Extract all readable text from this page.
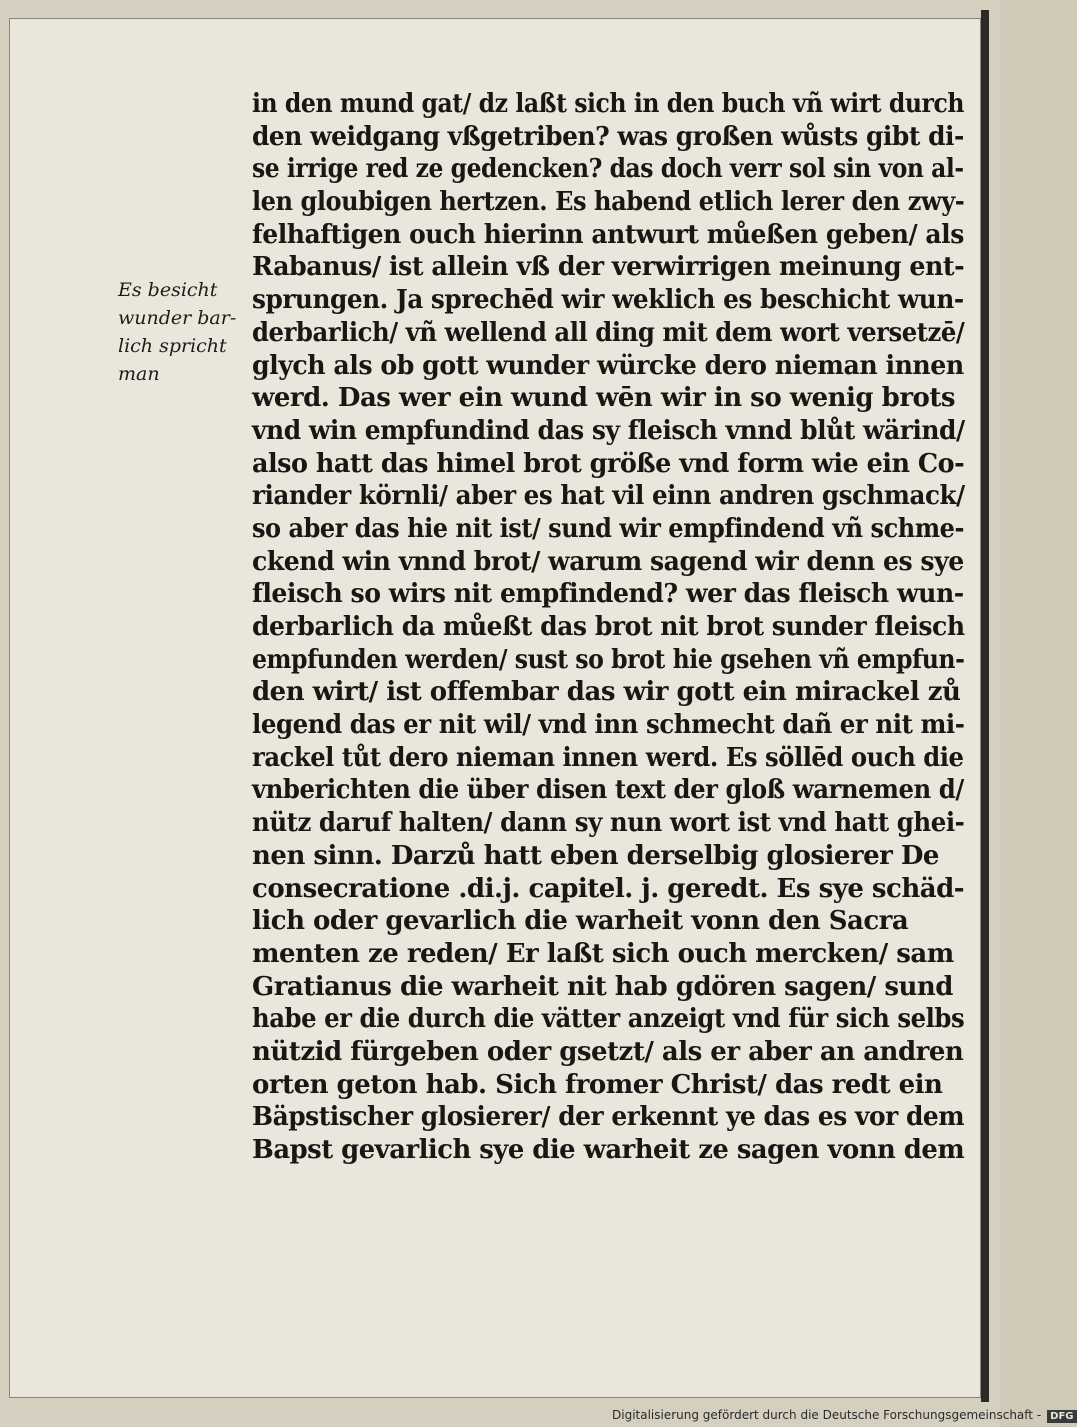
Es besicht
wunder bar-
lich spricht
man
in den mund gat/ dz laßt sich in den buch vñ wirt durch
den weidgang vßgetriben? was großen wůsts gibt di-
se irrige red ze gedencken? das doch verr sol sin von al-
len gloubigen hertzen. Es habend etlich lerer den zwy-
felhaftigen ouch hierinn antwurt můeßen geben/ als
Rabanus/ ist allein vß der verwirrigen meinung ent-
sprungen. Ja sprechēd wir weklich es beschicht wun-
derbarlich/ vñ wellend all ding mit dem wort versetzē/
glych als ob gott wunder würcke dero nieman innen
werd. Das wer ein wund wēn wir in so wenig brots
vnd win empfundind das sy fleisch vnnd blůt wärind/
also hatt das himel brot größe vnd form wie ein Co-
riander körnli/ aber es hat vil einn andren gschmack/
so aber das hie nit ist/ sund wir empfindend vñ schme-
ckend win vnnd brot/ warum sagend wir denn es sye
fleisch so wirs nit empfindend? wer das fleisch wun-
derbarlich da můeßt das brot nit brot sunder fleisch
empfunden werden/ sust so brot hie gsehen vñ empfun-
den wirt/ ist offembar das wir gott ein mirackel zů
legend das er nit wil/ vnd inn schmecht dañ er nit mi-
rackel tůt dero nieman innen werd. Es söllēd ouch die
vnberichten die über disen text der gloß warnemen d/
nütz daruf halten/ dann sy nun wort ist vnd hatt ghei-
nen sinn. Darzů hatt eben derselbig glosierer De
consecratione .di.j. capitel. j. geredt. Es sye schäd-
lich oder gevarlich die warheit vonn den Sacra
menten ze reden/ Er laßt sich ouch mercken/ sam
Gratianus die warheit nit hab gdören sagen/ sund
habe er die durch die vätter anzeigt vnd für sich selbs
nützid fürgeben oder gsetzt/ als er aber an andren
orten geton hab. Sich fromer Christ/ das redt ein
Bäpstischer glosierer/ der erkennt ye das es vor dem
Bapst gevarlich sye die warheit ze sagen vonn dem
Digitalisierung gefördert durch die Deutsche Forschungsgemeinschaft - DFG
